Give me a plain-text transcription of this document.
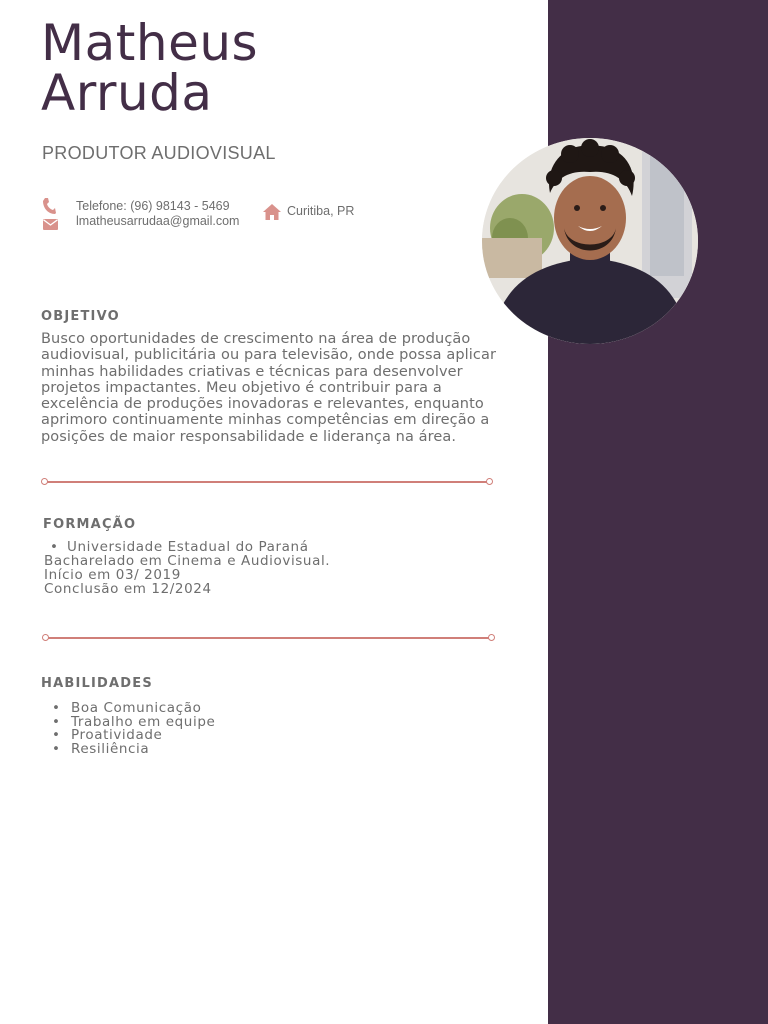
Matheus
Arruda
PRODUTOR AUDIOVISUAL
Telefone: (96) 98143 - 5469
lmatheusarrudaa@gmail.com
Curitiba, PR
OBJETIVO

Busco oportunidades de crescimento na área de produção audiovisual, publicitária ou para televisão, onde possa aplicar minhas habilidades criativas e técnicas para desenvolver projetos impactantes. Meu objetivo é contribuir para a excelência de produções inovadoras e relevantes, enquanto aprimoro continuamente minhas competências em direção a posições de maior responsabilidade e liderança na área.

FORMAÇÃO
• Universidade Estadual do Paraná
Bacharelado em Cinema e Audiovisual.
Início em 03/ 2019
Conclusão em 12/2024
HABILIDADES
• Boa Comunicação
• Trabalho em equipe
• Proatividade
• Resiliência
